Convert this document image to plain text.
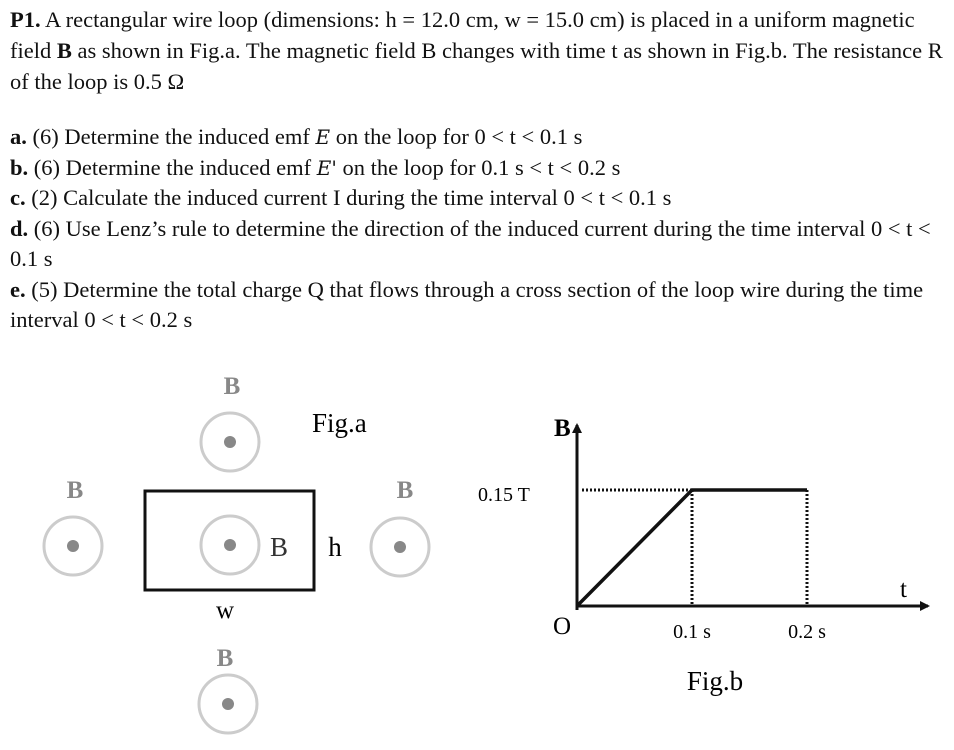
P1. A rectangular wire loop (dimensions: h = 12.0 cm, w = 15.0 cm) is placed in a uniform magnetic field B as shown in Fig.a. The magnetic field B changes with time t as shown in Fig.b. The resistance R of the loop is 0.5 Ω
a. (6) Determine the induced emf E on the loop for 0 < t < 0.1 s
b. (6) Determine the induced emf E' on the loop for 0.1 s < t < 0.2 s
c. (2) Calculate the induced current I during the time interval 0 < t < 0.1 s
d. (6) Use Lenz’s rule to determine the direction of the induced current during the time interval 0 < t < 0.1 s
e. (5) Determine the total charge Q that flows through a cross section of the loop wire during the time interval 0 < t < 0.2 s
Fig.a
B
B
B h
B
w
B
B
t
O
0.15 T
0.1 s	0.2 s
Fig.b
